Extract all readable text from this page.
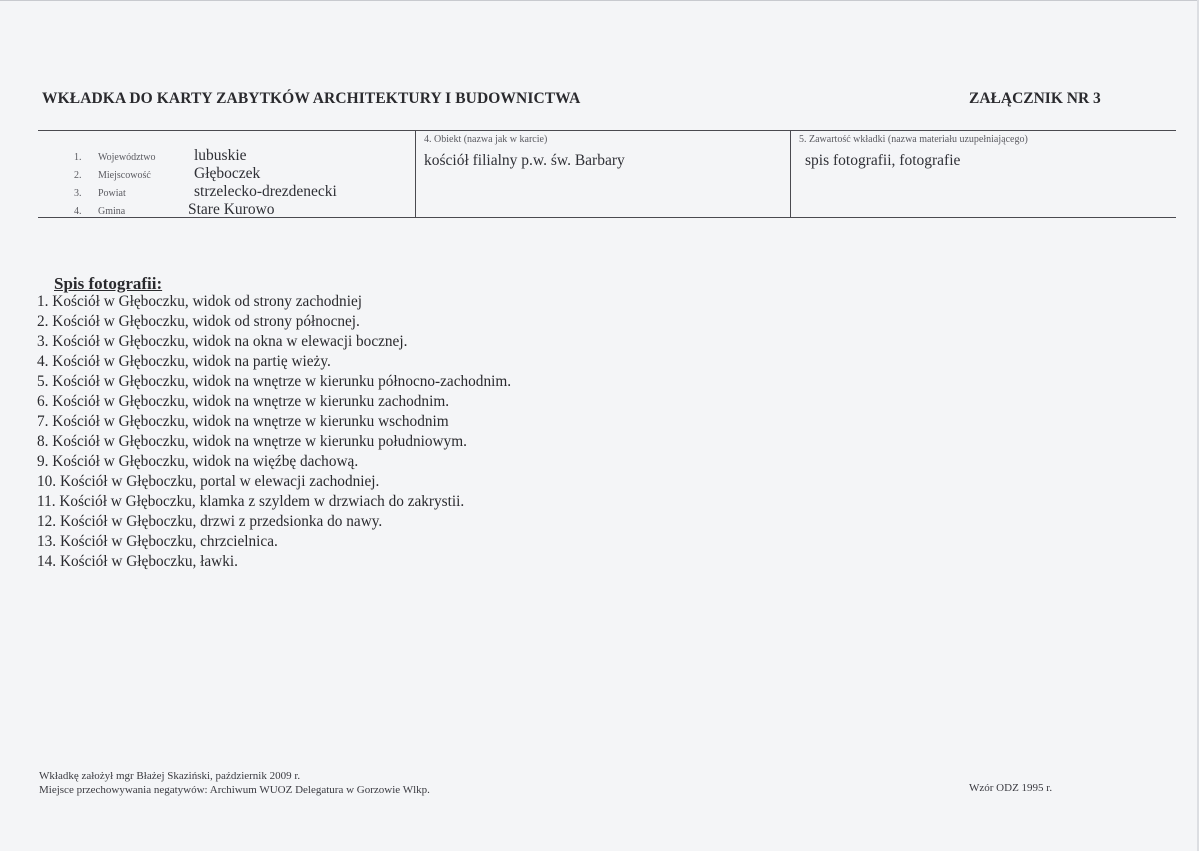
WKŁADKA DO KARTY ZABYTKÓW ARCHITEKTURY I BUDOWNICTWA	ZAŁĄCZNIK NR 3
1. Województwo lubuskie
2. Miejscowość	Głęboczek
3. Powiat	strzelecko-drezdenecki
4. Gmina	Stare Kurowo
4. Obiekt (nazwa jak w karcie)
kościół filialny p.w. św. Barbary
5. Zawartość wkładki (nazwa materiału uzupełniającego)
spis fotografii, fotografie
Spis fotografii:
1. Kościół w Głęboczku, widok od strony zachodniej
2. Kościół w Głęboczku, widok od strony północnej.
3. Kościół w Głęboczku, widok na okna w elewacji bocznej.
4. Kościół w Głęboczku, widok na partię wieży.
5. Kościół w Głęboczku, widok na wnętrze w kierunku północno-zachodnim.
6. Kościół w Głęboczku, widok na wnętrze w kierunku zachodnim.
7. Kościół w Głęboczku, widok na wnętrze w kierunku wschodnim
8. Kościół w Głęboczku, widok na wnętrze w kierunku południowym.
9. Kościół w Głęboczku, widok na więźbę dachową.
10. Kościół w Głęboczku, portal w elewacji zachodniej.
11. Kościół w Głęboczku, klamka z szyldem w drzwiach do zakrystii.
12. Kościół w Głęboczku, drzwi z przedsionka do nawy.
13. Kościół w Głęboczku, chrzcielnica.
14. Kościół w Głęboczku, ławki.
Wkładkę założył mgr Błażej Skaziński, październik 2009 r.
Miejsce przechowywania negatywów: Archiwum WUOZ Delegatura w Gorzowie Wlkp.	Wzór ODZ 1995 r.
